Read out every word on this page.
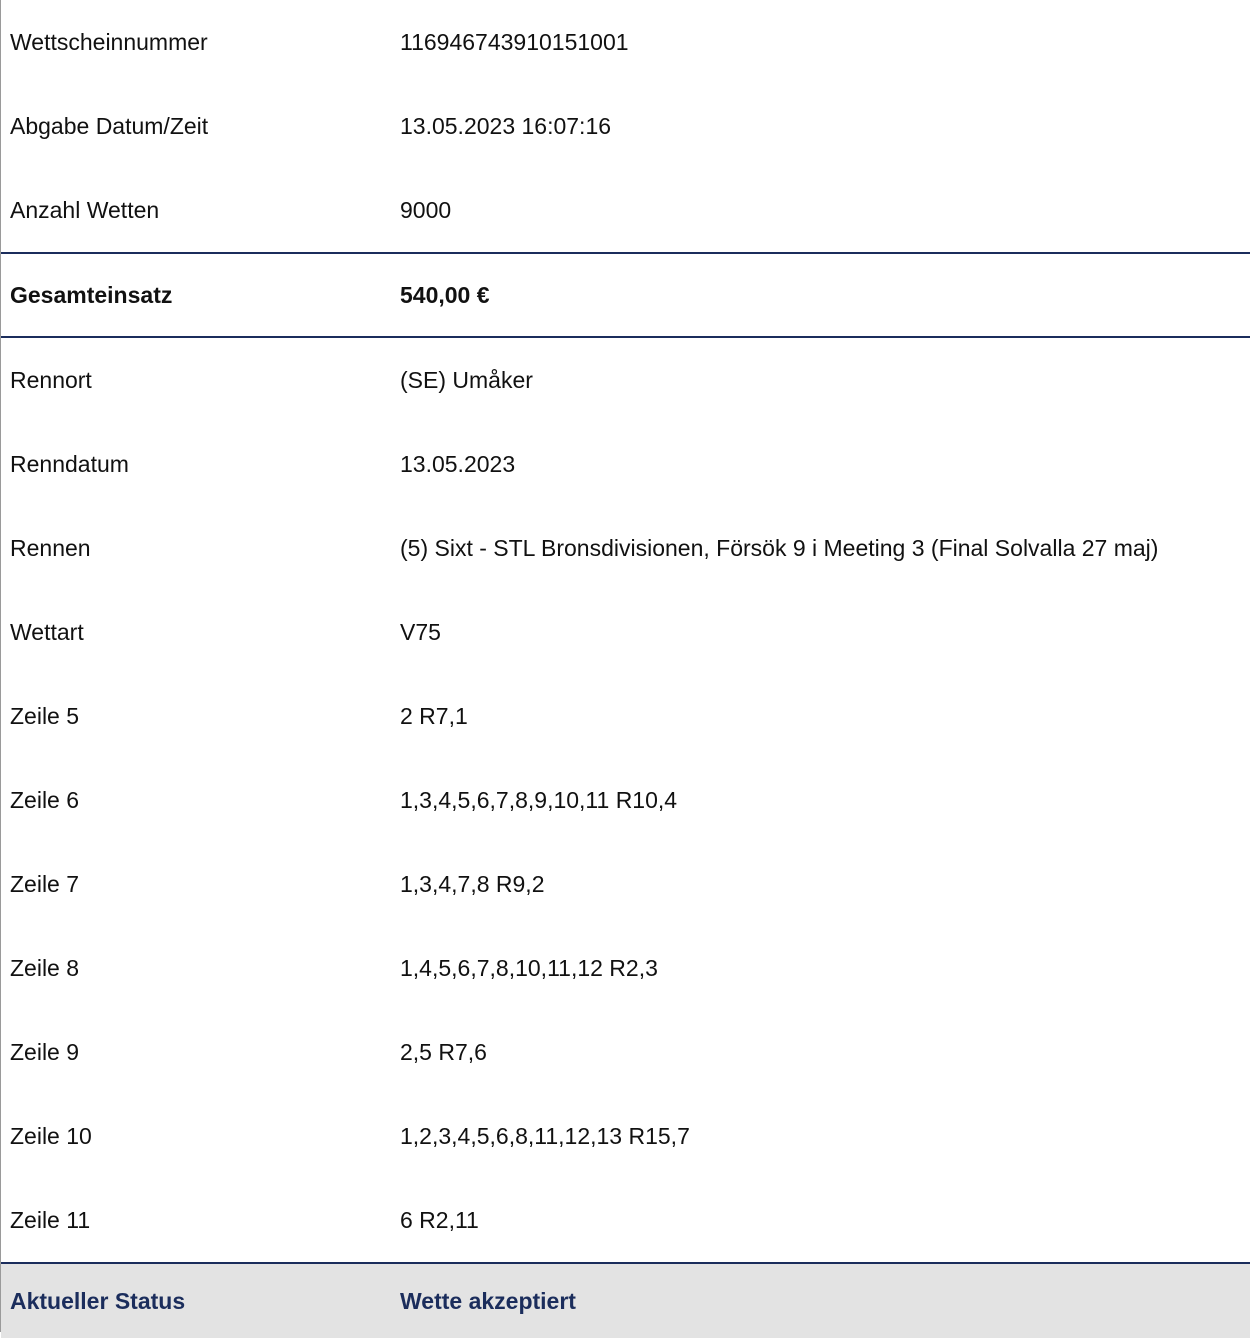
Wettscheinnummer	116946743910151001
Abgabe Datum/Zeit	13.05.2023 16:07:16
Anzahl Wetten	9000
Gesamteinsatz	540,00 €
Rennort	(SE) Umåker
Renndatum	13.05.2023
Rennen	(5) Sixt - STL Bronsdivisionen, Försök 9 i Meeting 3 (Final Solvalla 27 maj)
Wettart	V75
Zeile 5	2 R7,1
Zeile 6	1,3,4,5,6,7,8,9,10,11 R10,4
Zeile 7	1,3,4,7,8 R9,2
Zeile 8	1,4,5,6,7,8,10,11,12 R2,3
Zeile 9	2,5 R7,6
Zeile 10	1,2,3,4,5,6,8,11,12,13 R15,7
Zeile 11	6 R2,11
Aktueller Status	Wette akzeptiert
